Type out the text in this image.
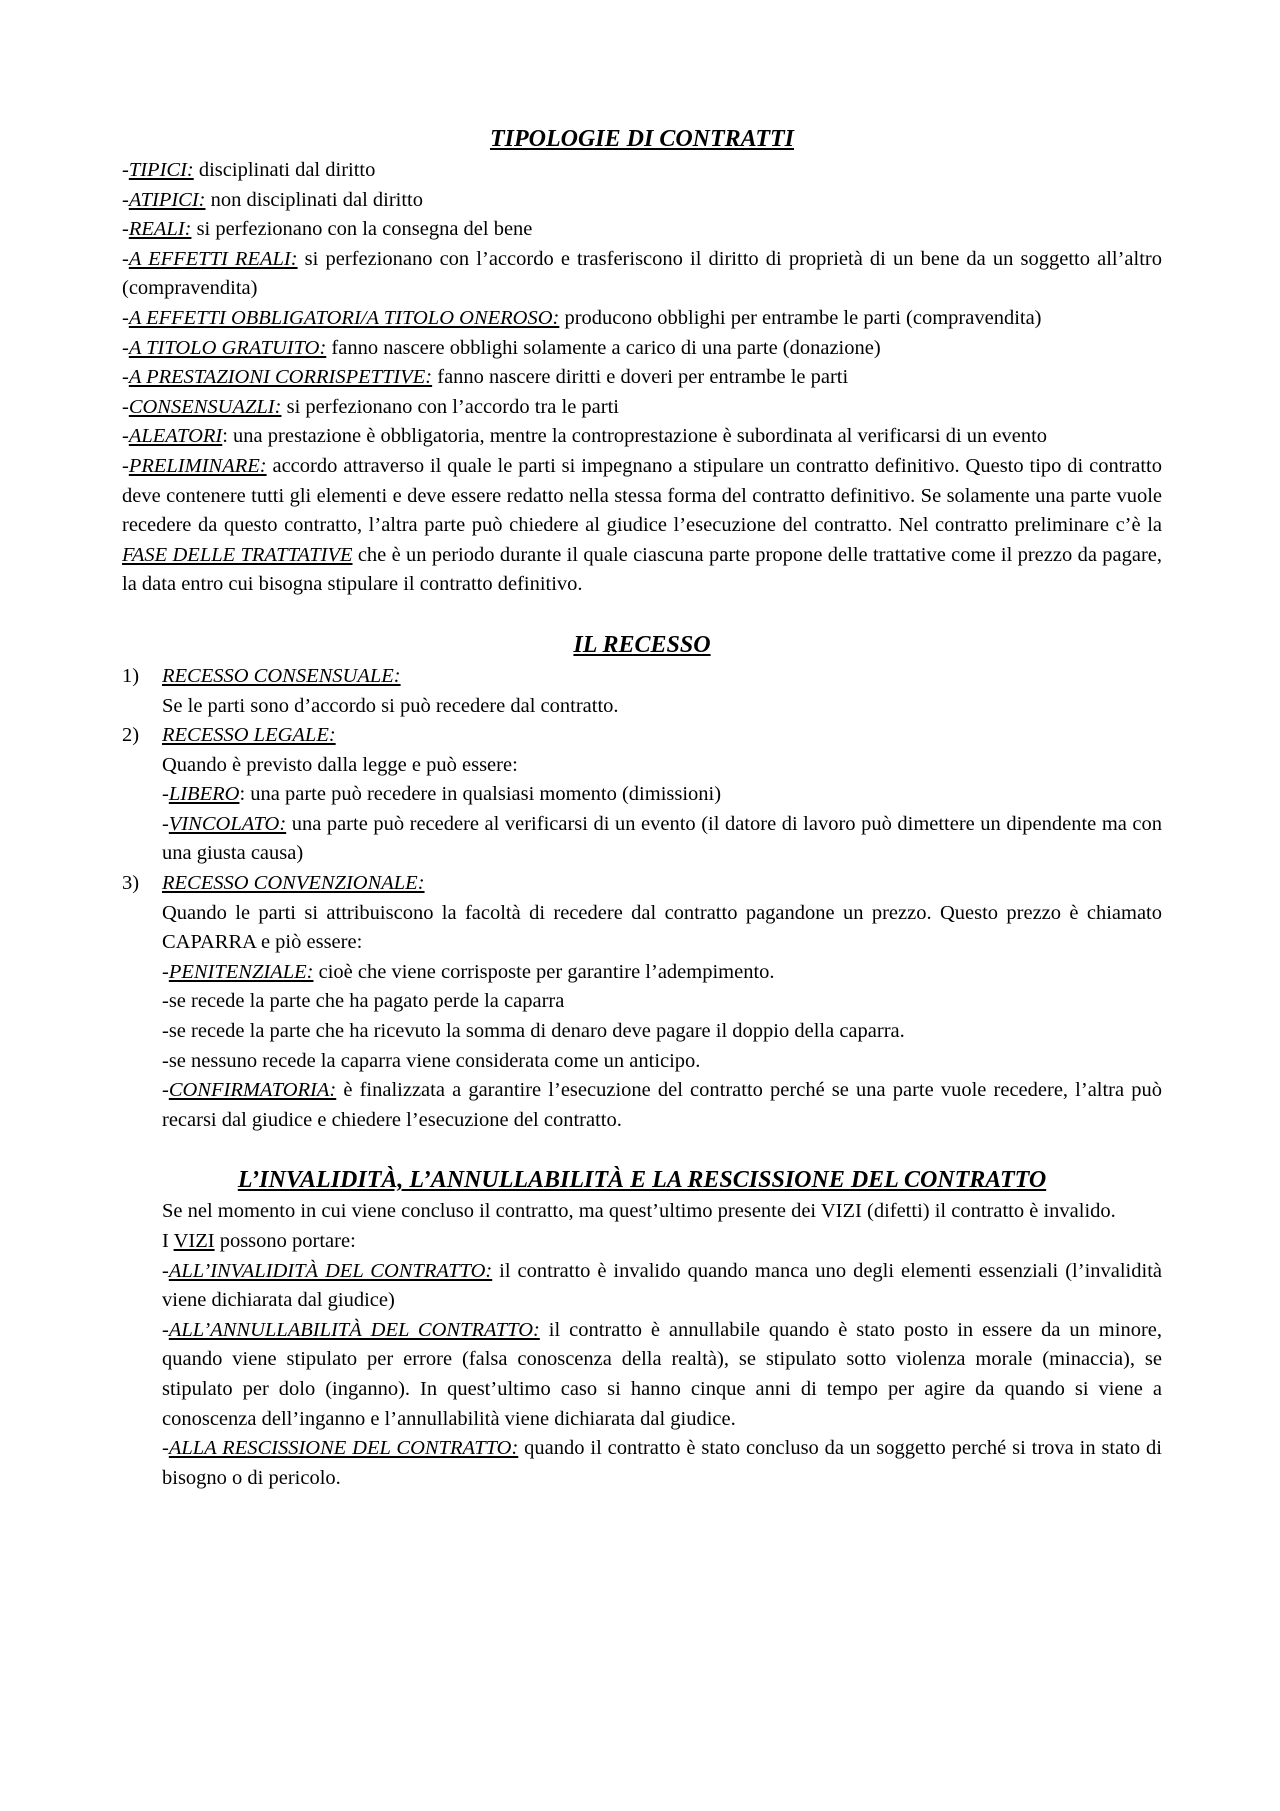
TIPOLOGIE DI CONTRATTI

-TIPICI: disciplinati dal diritto

-ATIPICI: non disciplinati dal diritto

-REALI: si perfezionano con la consegna del bene

-A EFFETTI REALI: si perfezionano con l’accordo e trasferiscono il diritto di proprietà di un bene da un soggetto all’altro (compravendita)

-A EFFETTI OBBLIGATORI/A TITOLO ONEROSO: producono obblighi per entrambe le parti (compravendita)

-A TITOLO GRATUITO: fanno nascere obblighi solamente a carico di una parte (donazione)

-A PRESTAZIONI CORRISPETTIVE: fanno nascere diritti e doveri per entrambe le parti

-CONSENSUAZLI: si perfezionano con l’accordo tra le parti

-ALEATORI: una prestazione è obbligatoria, mentre la controprestazione è subordinata al verificarsi di un evento

-PRELIMINARE: accordo attraverso il quale le parti si impegnano a stipulare un contratto definitivo. Questo tipo di contratto deve contenere tutti gli elementi e deve essere redatto nella stessa forma del contratto definitivo. Se solamente una parte vuole recedere da questo contratto, l’altra parte può chiedere al giudice l’esecuzione del contratto. Nel contratto preliminare c’è la FASE DELLE TRATTATIVE che è un periodo durante il quale ciascuna parte propone delle trattative come il prezzo da pagare, la data entro cui bisogna stipulare il contratto definitivo.

IL RECESSO
1)	RECESSO CONSENSUALE:

Se le parti sono d’accordo si può recedere dal contratto.

2)	RECESSO LEGALE:

Quando è previsto dalla legge e può essere:

-LIBERO: una parte può recedere in qualsiasi momento (dimissioni)

-VINCOLATO: una parte può recedere al verificarsi di un evento (il datore di lavoro può dimettere un dipendente ma con una giusta causa)

3)	RECESSO CONVENZIONALE:

Quando le parti si attribuiscono la facoltà di recedere dal contratto pagandone un prezzo. Questo prezzo è chiamato CAPARRA e piò essere:

-PENITENZIALE: cioè che viene corrisposte per garantire l’adempimento.

-se recede la parte che ha pagato perde la caparra

-se recede la parte che ha ricevuto la somma di denaro deve pagare il doppio della caparra.

-se nessuno recede la caparra viene considerata come un anticipo.

-CONFIRMATORIA: è finalizzata a garantire l’esecuzione del contratto perché se una parte vuole recedere, l’altra può recarsi dal giudice e chiedere l’esecuzione del contratto.

L’INVALIDITÀ, L’ANNULLABILITÀ E LA RESCISSIONE DEL CONTRATTO

Se nel momento in cui viene concluso il contratto, ma quest’ultimo presente dei VIZI (difetti) il contratto è invalido.

I VIZI possono portare:

-ALL’INVALIDITÀ DEL CONTRATTO: il contratto è invalido quando manca uno degli elementi essenziali (l’invalidità viene dichiarata dal giudice)

-ALL’ANNULLABILITÀ DEL CONTRATTO: il contratto è annullabile quando è stato posto in essere da un minore, quando viene stipulato per errore (falsa conoscenza della realtà), se stipulato sotto violenza morale (minaccia), se stipulato per dolo (inganno). In quest’ultimo caso si hanno cinque anni di tempo per agire da quando si viene a conoscenza dell’inganno e l’annullabilità viene dichiarata dal giudice.

-ALLA RESCISSIONE DEL CONTRATTO: quando il contratto è stato concluso da un soggetto perché si trova in stato di bisogno o di pericolo.
